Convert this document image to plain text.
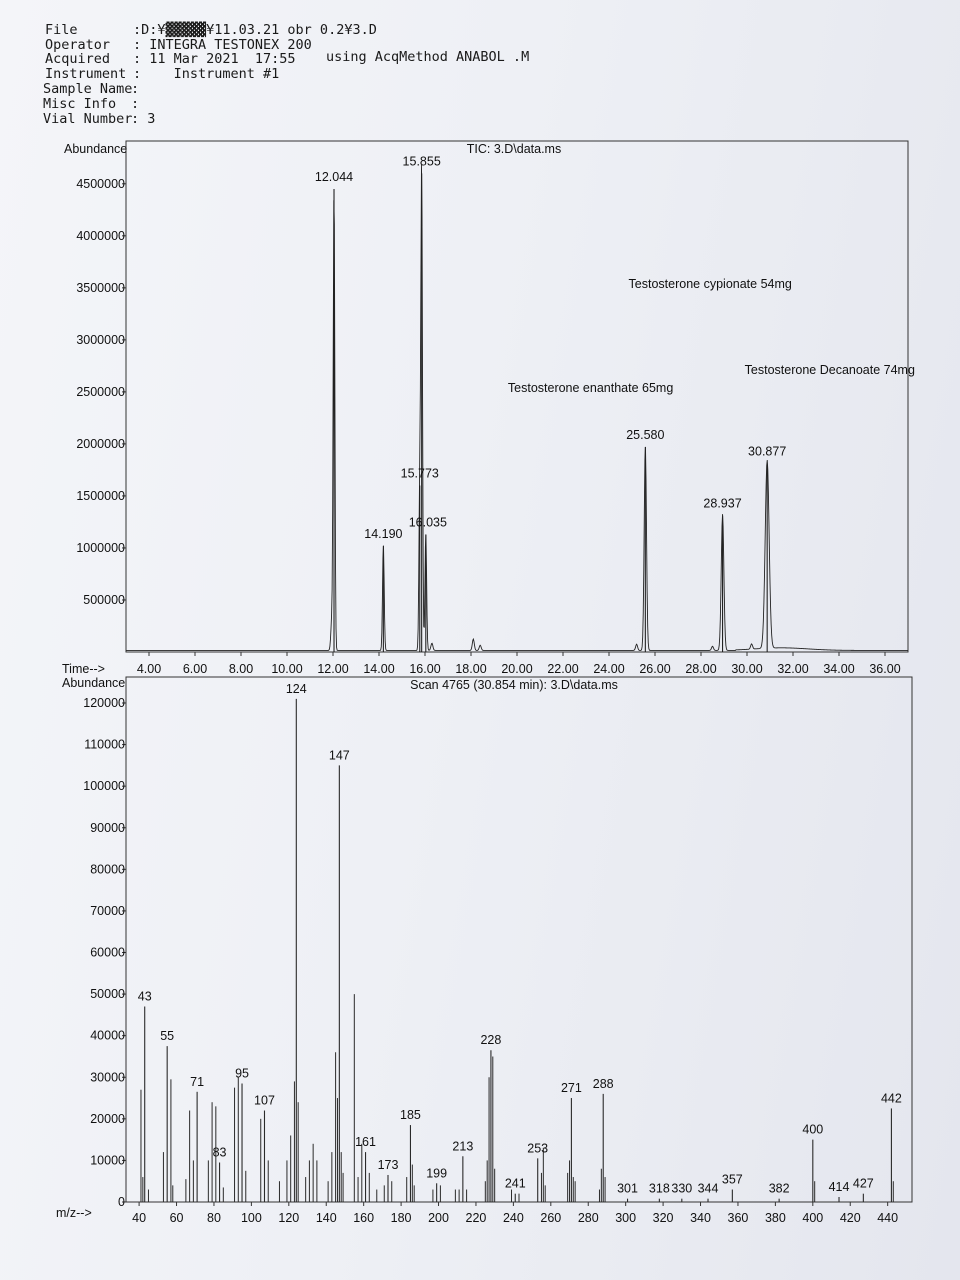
File	:D:¥▓▓▓▓▓¥11.03.21 obr 0.2¥3.D
Operator : INTEGRA TESTONEX 200
Acquired : 11 Mar 2021  17:55 using AcqMethod ANABOL .M
Instrument :    Instrument #1
Sample Name:
Misc Info :
Vial Number: 3
Abundance	TIC: 3.D\data.ms
Time-->
500000
1000000
1500000
2000000
2500000
3000000
3500000
4000000
4500000
4.00 6.00 8.00 10.00 12.00 14.00 16.00 18.00 20.00 22.00 24.00 26.00 28.00 30.00 32.00 34.00 36.00
12.044
14.190
15.773
15.855
16.035
25.580
28.937
30.877
Testosterone enanthate 65mg
Testosterone cypionate 54mg
Testosterone Decanoate 74mg
Abundance	Scan 4765 (30.854 min): 3.D\data.ms
m/z-->
0
10000
20000
30000
40000
50000
60000
70000
80000
90000
100000
110000
120000
40 60 80 100 120 140 160 180 200 220 240 260 280 300 320 340 360 380 400 420 440
43
55
71
83
95
107
124
147
161
173
185
199
213
228
241
253
271 288
301 318 330 344
357
382
400
414 427
442
